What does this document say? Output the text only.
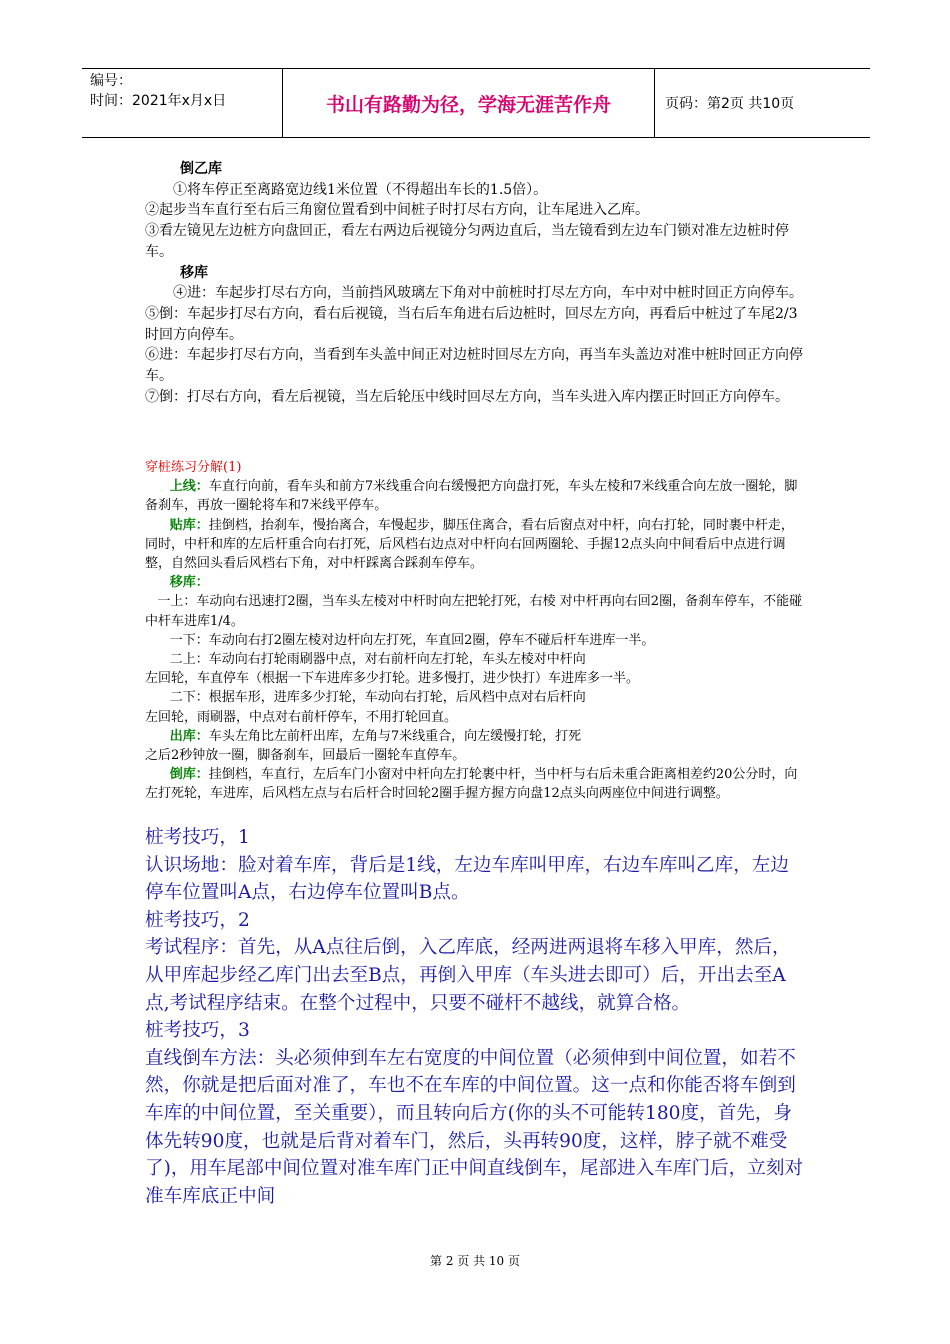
编号：
时间：2021年x月x日	书山有路勤为径，学海无涯苦作舟	页码：第2页 共10页
倒乙库

　　①将车停正至离路宽边线1米位置（不得超出车长的1.5倍）。

②起步当车直行至右后三角窗位置看到中间桩子时打尽右方向，让车尾进入乙库。

③看左镜见左边桩方向盘回正，看左右两边后视镜分匀两边直后，当左镜看到左边车门锁对准左边桩时停车。

移库

　　④进：车起步打尽右方向，当前挡风玻璃左下角对中前桩时打尽左方向，车中对中桩时回正方向停车。

⑤倒：车起步打尽右方向，看右后视镜，当右后车角进右后边桩时，回尽左方向，再看后中桩过了车尾2/3时回方向停车。

⑥进：车起步打尽右方向，当看到车头盖中间正对边桩时回尽左方向，再当车头盖边对准中桩时回正方向停车。

⑦倒：打尽右方向，看左后视镜，当左后轮压中线时回尽左方向，当车头进入库内摆正时回正方向停车。

穿桩练习分解(1)

上线：车直行向前，看车头和前方7米线重合向右缓慢把方向盘打死，车头左棱和7米线重合向左放一圈轮，脚备刹车，再放一圈轮将车和7米线平停车。

贴库：挂倒档，抬刹车，慢抬离合，车慢起步，脚压住离合，看右后窗点对中杆，向右打轮，同时裹中杆走，同时，中杆和库的左后杆重合向右打死，后风档右边点对中杆向右回两圈轮、手握12点头向中间看后中点进行调整，自然回头看后风档右下角，对中杆踩离合踩刹车停车。

移库：

一上：车动向右迅速打2圈，当车头左棱对中杆时向左把轮打死，右棱 对中杆再向右回2圈，备刹车停车，不能碰中杆车进库1/4。

一下：车动向右打2圈左棱对边杆向左打死，车直回2圈，停车不碰后杆车进库一半。

二上：车动向右打轮雨刷器中点，对右前杆向左打轮，车头左棱对中杆向

左回轮，车直停车（根据一下车进库多少打轮。进多慢打，进少快打）车进库多一半。

二下：根据车形，进库多少打轮，车动向右打轮，后风档中点对右后杆向

左回轮，雨刷器，中点对右前杆停车，不用打轮回直。

出库：车头左角比左前杆出库，左角与7米线重合，向左缓慢打轮，打死

之后2秒钟放一圈，脚备刹车，回最后一圈轮车直停车。

倒库：挂倒档，车直行，左后车门小窗对中杆向左打轮裹中杆，当中杆与右后未重合距离相差约20公分时，向左打死轮，车进库，后风档左点与右后杆合时回轮2圈手握方握方向盘12点头向两座位中间进行调整。

桩考技巧，1

认识场地：脸对着车库，背后是1线，左边车库叫甲库，右边车库叫乙库，左边停车位置叫A点，右边停车位置叫B点。

桩考技巧，2

考试程序：首先，从A点往后倒，入乙库底，经两进两退将车移入甲库，然后，从甲库起步经乙库门出去至B点，再倒入甲库（车头进去即可）后，开出去至A点,考试程序结束。在整个过程中，只要不碰杆不越线，就算合格。

桩考技巧，3

直线倒车方法：头必须伸到车左右宽度的中间位置（必须伸到中间位置，如若不然，你就是把后面对准了，车也不在车库的中间位置。这一点和你能否将车倒到车库的中间位置，至关重要），而且转向后方(你的头不可能转180度，首先，身体先转90度，也就是后背对着车门，然后，头再转90度，这样，脖子就不难受了)，用车尾部中间位置对准车库门正中间直线倒车，尾部进入车库门后，立刻对准车库底正中间

第 2 页 共 10 页
